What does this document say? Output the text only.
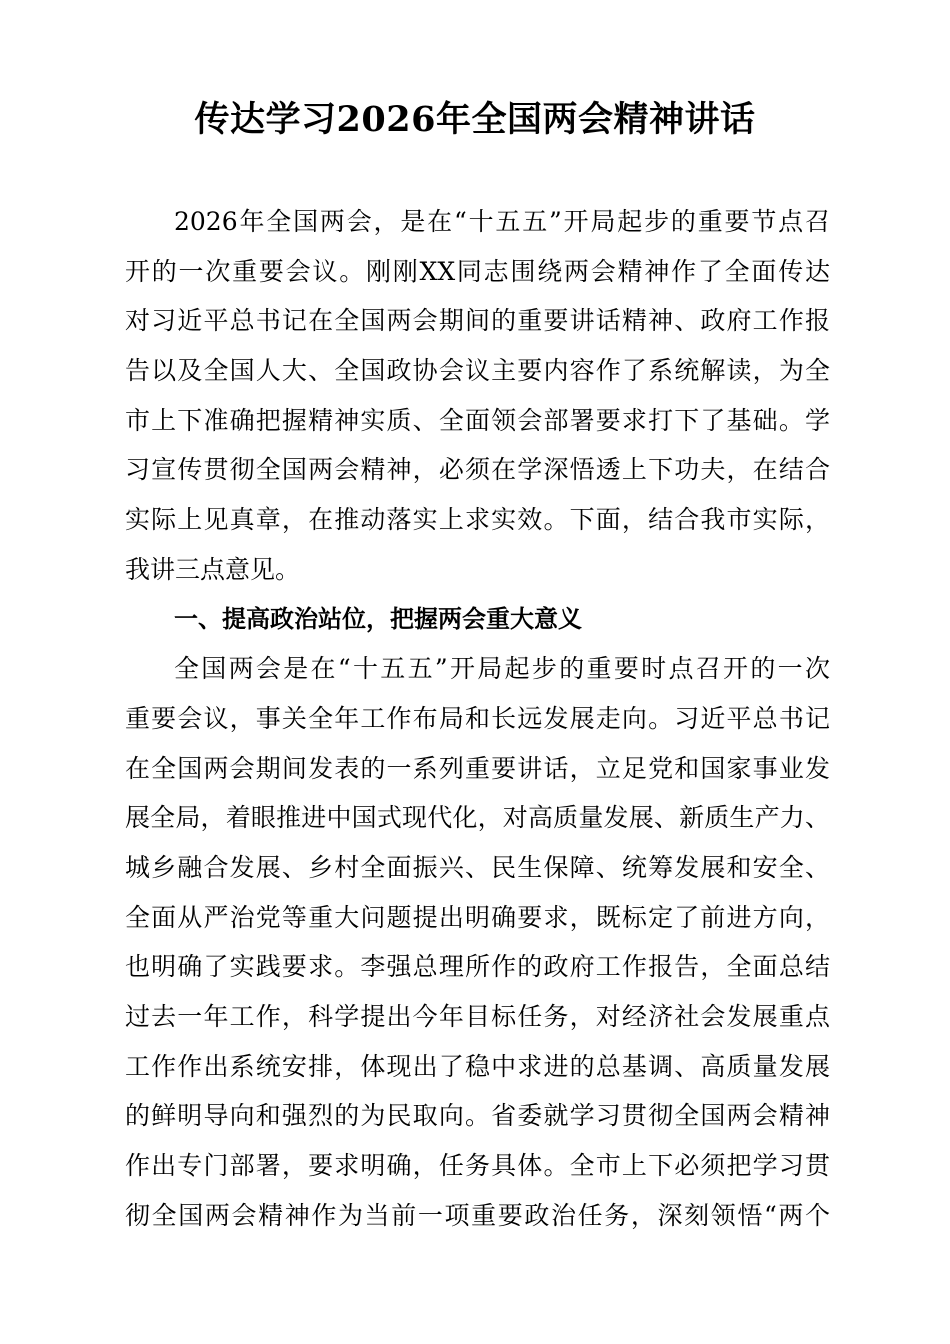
传达学习2026年全国两会精神讲话
2026年全国两会，是在“十五五”开局起步的重要节点召
开的一次重要会议。刚刚XX同志围绕两会精神作了全面传达
对习近平总书记在全国两会期间的重要讲话精神、政府工作报
告以及全国人大、全国政协会议主要内容作了系统解读，为全
市上下准确把握精神实质、全面领会部署要求打下了基础。学
习宣传贯彻全国两会精神，必须在学深悟透上下功夫，在结合
实际上见真章，在推动落实上求实效。下面，结合我市实际，
我讲三点意见。
一、提高政治站位，把握两会重大意义
全国两会是在“十五五”开局起步的重要时点召开的一次
重要会议，事关全年工作布局和长远发展走向。习近平总书记
在全国两会期间发表的一系列重要讲话，立足党和国家事业发
展全局，着眼推进中国式现代化，对高质量发展、新质生产力、
城乡融合发展、乡村全面振兴、民生保障、统筹发展和安全、
全面从严治党等重大问题提出明确要求，既标定了前进方向，
也明确了实践要求。李强总理所作的政府工作报告，全面总结
过去一年工作，科学提出今年目标任务，对经济社会发展重点
工作作出系统安排，体现出了稳中求进的总基调、高质量发展
的鲜明导向和强烈的为民取向。省委就学习贯彻全国两会精神
作出专门部署，要求明确，任务具体。全市上下必须把学习贯
彻全国两会精神作为当前一项重要政治任务，深刻领悟“两个
